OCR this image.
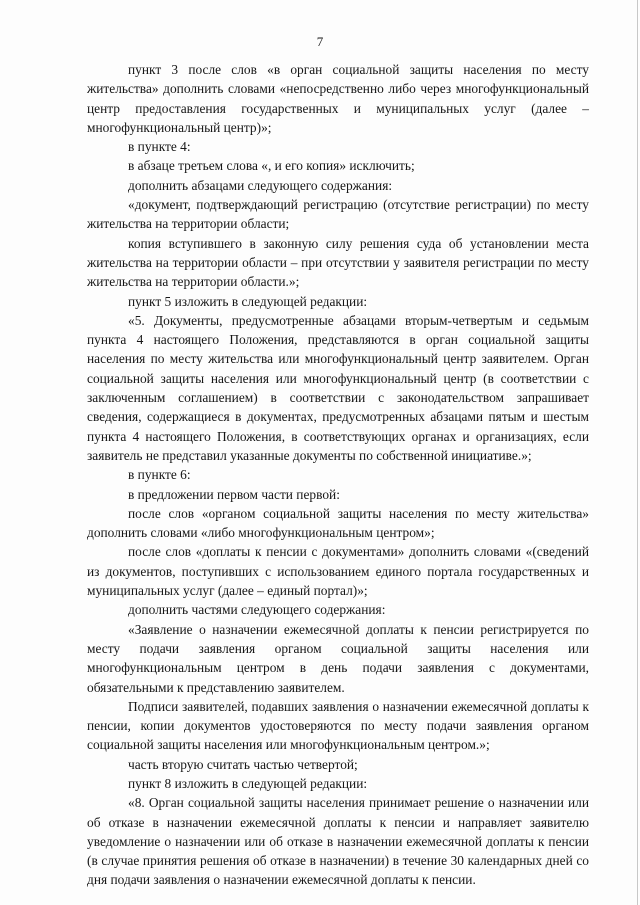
7

пункт 3 после слов «в орган социальной защиты населения по месту жительства» дополнить словами «непосредственно либо через многофункциональный центр предоставления государственных и муниципальных услуг (далее – многофункциональный центр)»;

в пункте 4:

в абзаце третьем слова «, и его копия» исключить;

дополнить абзацами следующего содержания:

«документ, подтверждающий регистрацию (отсутствие регистрации) по месту жительства на территории области;

копия вступившего в законную силу решения суда об установлении места жительства на территории области – при отсутствии у заявителя регистрации по месту жительства на территории области.»;

пункт 5 изложить в следующей редакции:

«5. Документы, предусмотренные абзацами вторым-четвертым и седьмым пункта 4 настоящего Положения, представляются в орган социальной защиты населения по месту жительства или многофункциональный центр заявителем. Орган социальной защиты населения или многофункциональный центр (в соответствии с заключенным соглашением) в соответствии с законодательством запрашивает сведения, содержащиеся в документах, предусмотренных абзацами пятым и шестым пункта 4 настоящего Положения, в соответствующих органах и организациях, если заявитель не представил указанные документы по собственной инициативе.»;

в пункте 6:

в предложении первом части первой:

после слов «органом социальной защиты населения по месту жительства» дополнить словами «либо многофункциональным центром»;

после слов «доплаты к пенсии с документами» дополнить словами «(сведений из документов, поступивших с использованием единого портала государственных и муниципальных услуг (далее – единый портал)»;

дополнить частями следующего содержания:

«Заявление о назначении ежемесячной доплаты к пенсии регистрируется по месту подачи заявления органом социальной защиты населения или многофункциональным центром в день подачи заявления с документами, обязательными к представлению заявителем.

Подписи заявителей, подавших заявления о назначении ежемесячной доплаты к пенсии, копии документов удостоверяются по месту подачи заявления органом социальной защиты населения или многофункциональным центром.»;

часть вторую считать частью четвертой;

пункт 8 изложить в следующей редакции:

«8. Орган социальной защиты населения принимает решение о назначении или об отказе в назначении ежемесячной доплаты к пенсии и направляет заявителю уведомление о назначении или об отказе в назначении ежемесячной доплаты к пенсии (в случае принятия решения об отказе в назначении) в течение 30 календарных дней со дня подачи заявления о назначении ежемесячной доплаты к пенсии.
